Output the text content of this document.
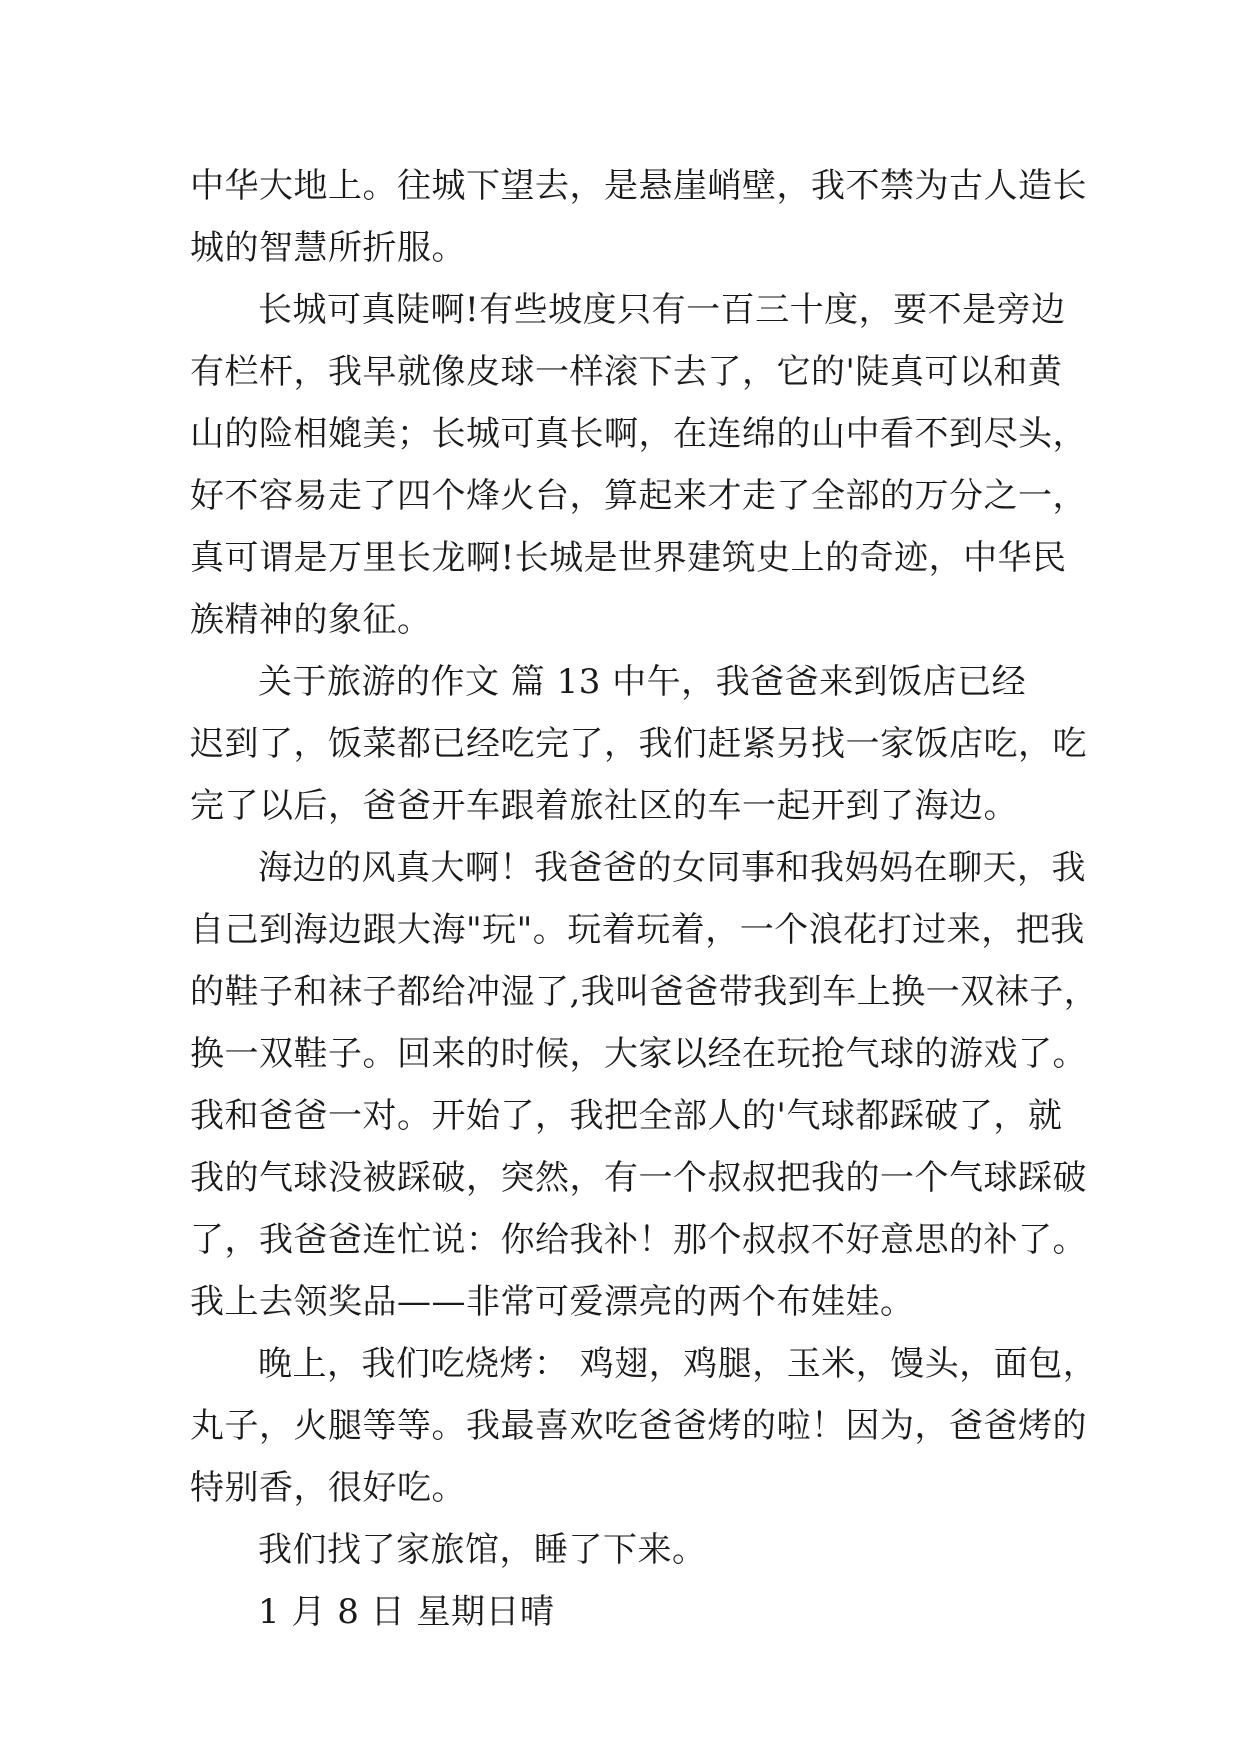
中华大地上。往城下望去，是悬崖峭壁，我不禁为古人造长
城的智慧所折服。
长城可真陡啊!有些坡度只有一百三十度，要不是旁边
有栏杆，我早就像皮球一样滚下去了，它的'陡真可以和黄
山的险相媲美；长城可真长啊，在连绵的山中看不到尽头，
好不容易走了四个烽火台，算起来才走了全部的万分之一，
真可谓是万里长龙啊!长城是世界建筑史上的奇迹，中华民
族精神的象征。
关于旅游的作文 篇 13 中午，我爸爸来到饭店已经
迟到了，饭菜都已经吃完了，我们赶紧另找一家饭店吃，吃
完了以后，爸爸开车跟着旅社区的车一起开到了海边。
海边的风真大啊！我爸爸的女同事和我妈妈在聊天，我
自己到海边跟大海"玩"。玩着玩着，一个浪花打过来，把我
的鞋子和袜子都给冲湿了,我叫爸爸带我到车上换一双袜子，
换一双鞋子。回来的时候，大家以经在玩抢气球的游戏了。
我和爸爸一对。开始了，我把全部人的'气球都踩破了，就
我的气球没被踩破，突然，有一个叔叔把我的一个气球踩破
了，我爸爸连忙说：你给我补！那个叔叔不好意思的补了。
我上去领奖品——非常可爱漂亮的两个布娃娃。
晚上，我们吃烧烤： 鸡翅，鸡腿，玉米，馒头，面包，
丸子，火腿等等。我最喜欢吃爸爸烤的啦！因为，爸爸烤的
特别香，很好吃。
我们找了家旅馆，睡了下来。
1 月 8 日 星期日晴
